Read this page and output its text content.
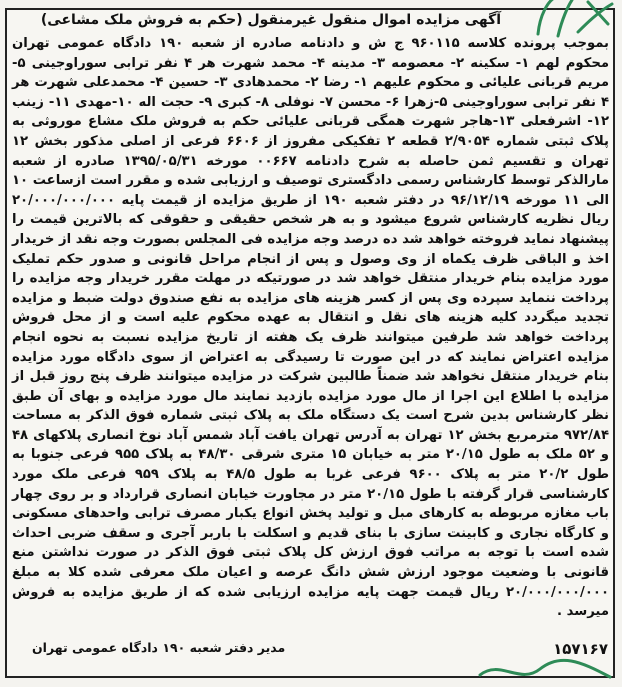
آگهی مزایده اموال منقول غیرمنقول (حکم به فروش ملک مشاعی)
بموجب پرونده کلاسه ۹۶۰۱۱۵ ج ش و دادنامه صادره از شعبه ۱۹۰ دادگاه عمومی تهران محکوم لهم ۱- سکینه ۲- معصومه ۳- مدینه ۴- محمد شهرت هر ۴ نفر ترابی سوراوجینی ۵- مریم قربانی علیائی و محکوم علیهم ۱- رضا ۲- محمدهادی ۳- حسین ۴- محمدعلی شهرت هر ۴ نفر ترابی سوراوجینی ۵-زهرا ۶- محسن ۷- نوفلی ۸- کبری ۹- حجت اله ۱۰-مهدی ۱۱- زینب ۱۲- اشرفعلی ۱۳-هاجر شهرت همگی قربانی علیائی حکم به فروش ملک مشاع موروثی به پلاک ثبتی شماره ۲/۹۰۵۴ قطعه ۲ تفکیکی مفروز از ۶۶۰۶ فرعی از اصلی مذکور بخش ۱۲ تهران و تقسیم ثمن حاصله به شرح دادنامه ۰۰۶۶۷ مورخه ۱۳۹۵/۰۵/۳۱ صادره از شعبه مارالذکر توسط کارشناس رسمی دادگستری توصیف و ارزیابی شده و مقرر است ازساعت ۱۰ الی ۱۱ مورخه ۹۶/۱۲/۱۹ در دفتر شعبه ۱۹۰ از طریق مزایده از قیمت پایه ۲۰/۰۰۰/۰۰۰/۰۰۰ ریال نظریه کارشناس شروع میشود و به هر شخص حقیقی و حقوقی که بالاترین قیمت را پیشنهاد نماید فروخته خواهد شد ده درصد وجه مزایده فی المجلس بصورت وجه نقد از خریدار اخذ و الباقی ظرف یکماه از وی وصول و پس از انجام مراحل قانونی و صدور حکم تملیک مورد مزایده بنام خریدار منتقل خواهد شد در صورتیکه در مهلت مقرر خریدار وجه مزایده را پرداخت ننماید سپرده وی پس از کسر هزینه های مزایده به نفع صندوق دولت ضبط و مزایده تجدید میگردد کلیه هزینه های نقل و انتقال به عهده محکوم علیه است و از محل فروش پرداخت خواهد شد طرفین میتوانند ظرف یک هفته از تاریخ مزایده نسبت به نحوه انجام مزایده اعتراض نمایند که در این صورت تا رسیدگی به اعتراض از سوی دادگاه مورد مزایده بنام خریدار منتقل نخواهد شد ضمناً طالبین شرکت در مزایده میتوانند ظرف پنج روز قبل از مزایده با اطلاع این اجرا از مال مورد مزایده بازدید نمایند مال مورد مزایده و بهای آن طبق نظر کارشناس بدین شرح است یک دستگاه ملک به پلاک ثبتی شماره فوق الذکر به مساحت ۹۷۲/۸۴ مترمربع بخش ۱۲ تهران به آدرس تهران یافت آباد شمس آباد نوخ انصاری پلاکهای ۴۸ و ۵۲ ملک به طول ۲۰/۱۵ متر به خیابان ۱۵ متری شرقی ۴۸/۳۰ به پلاک ۹۵۵ فرعی جنوبا به طول ۲۰/۲ متر به پلاک ۹۶۰۰ فرعی غربا به طول ۴۸/۵ به پلاک ۹۵۹ فرعی ملک مورد کارشناسی قرار گرفته با طول ۲۰/۱۵ متر در مجاورت خیابان انصاری قرارداد و بر روی چهار باب مغازه مربوطه به کارهای مبل و تولید پخش انواع یکبار مصرف ترابی واحدهای مسکونی و کارگاه نجاری و کابینت سازی با بنای قدیم و اسکلت با باربر آجری و سقف ضربی احداث شده است با توجه به مراتب فوق ارزش کل پلاک ثبتی فوق الذکر در صورت نداشتن منع قانونی با وضعیت موجود ارزش شش دانگ عرصه و اعیان ملک معرفی شده کلا به مبلغ ۲۰/۰۰۰/۰۰۰/۰۰۰ ریال قیمت جهت پایه مزایده ارزیابی شده که از طریق مزایده به فروش میرسد .
مدیر دفتر شعبه ۱۹۰ دادگاه عمومی تهران	۱۵۷۱۶۷
